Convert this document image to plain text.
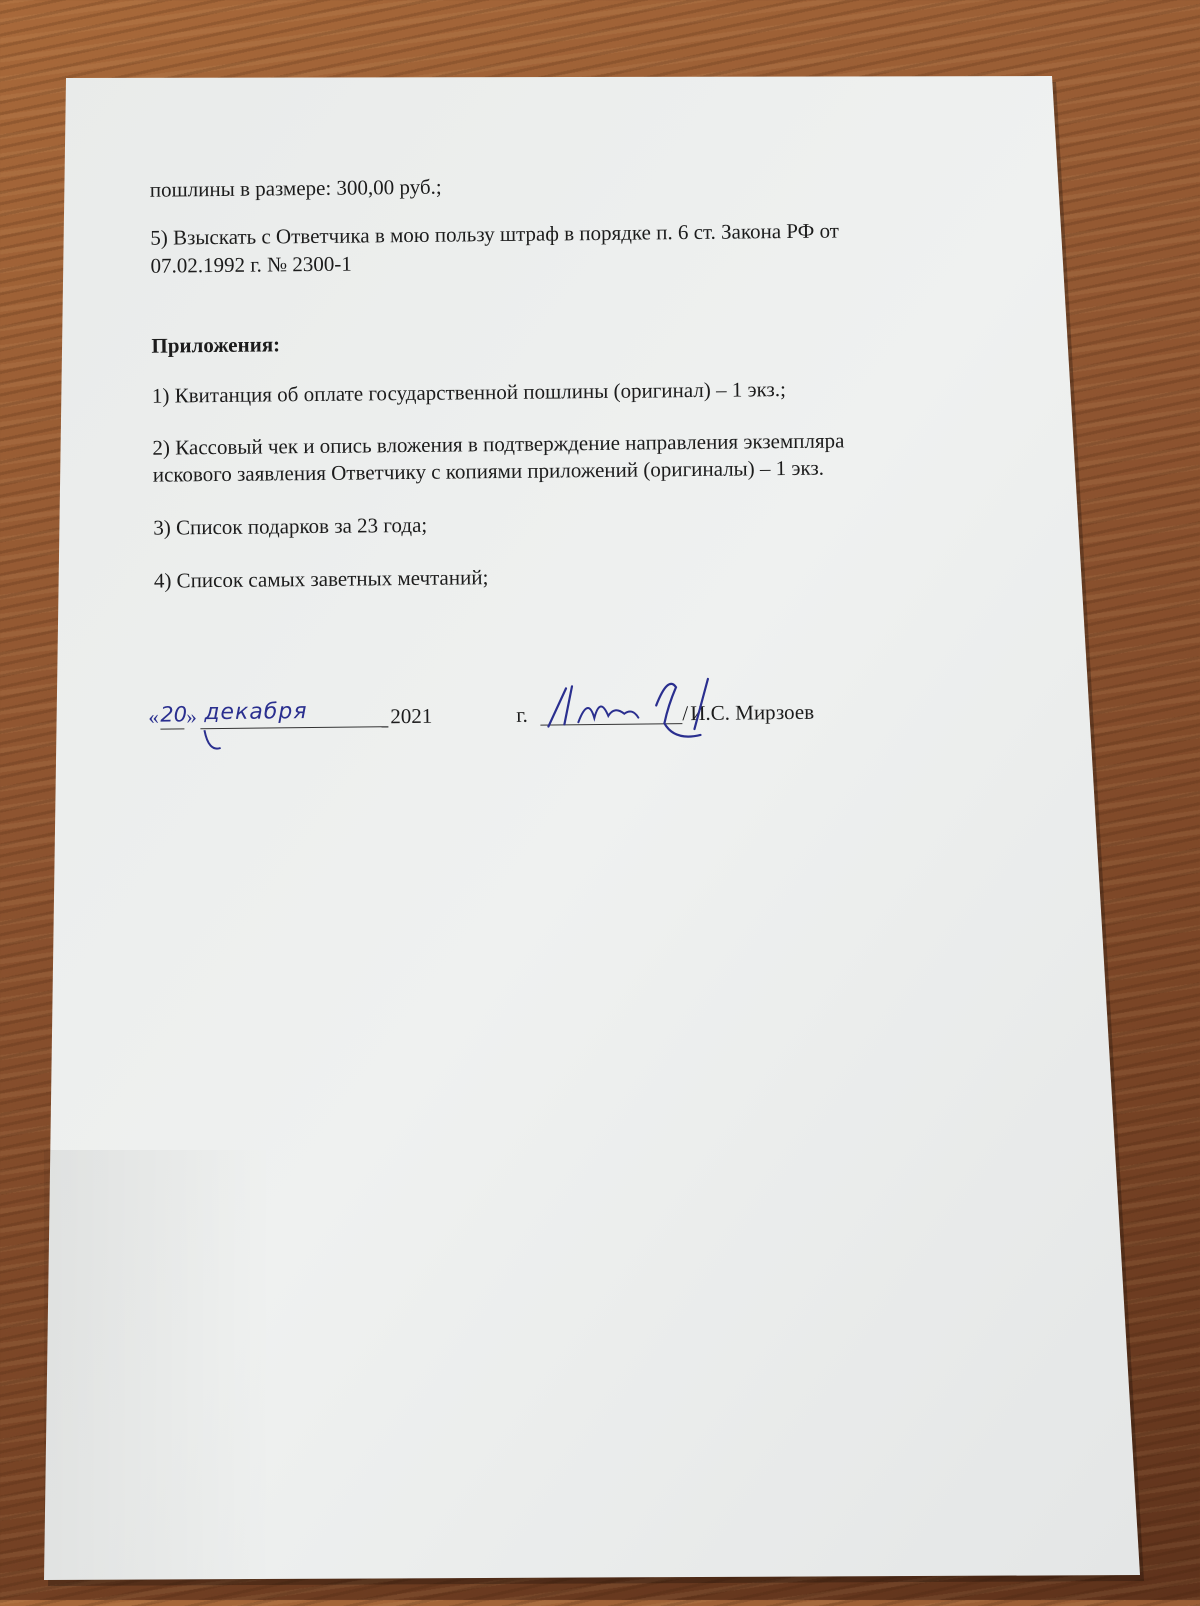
пошлины в размере: 300,00 руб.;
5) Взыскать с Ответчика в мою пользу штраф в порядке п. 6 ст. Закона РФ от
07.02.1992 г. № 2300-1
Приложения:
1) Квитанция об оплате государственной пошлины (оригинал) – 1 экз.;
2) Кассовый чек и опись вложения в подтверждение направления экземпляра
искового заявления Ответчику с копиями приложений (оригиналы) – 1 экз.
3) Список подарков за 23 года;
4) Список самых заветных мечтаний;
« 20 » декабря	2021	г.	/ И.С. Мирзоев
